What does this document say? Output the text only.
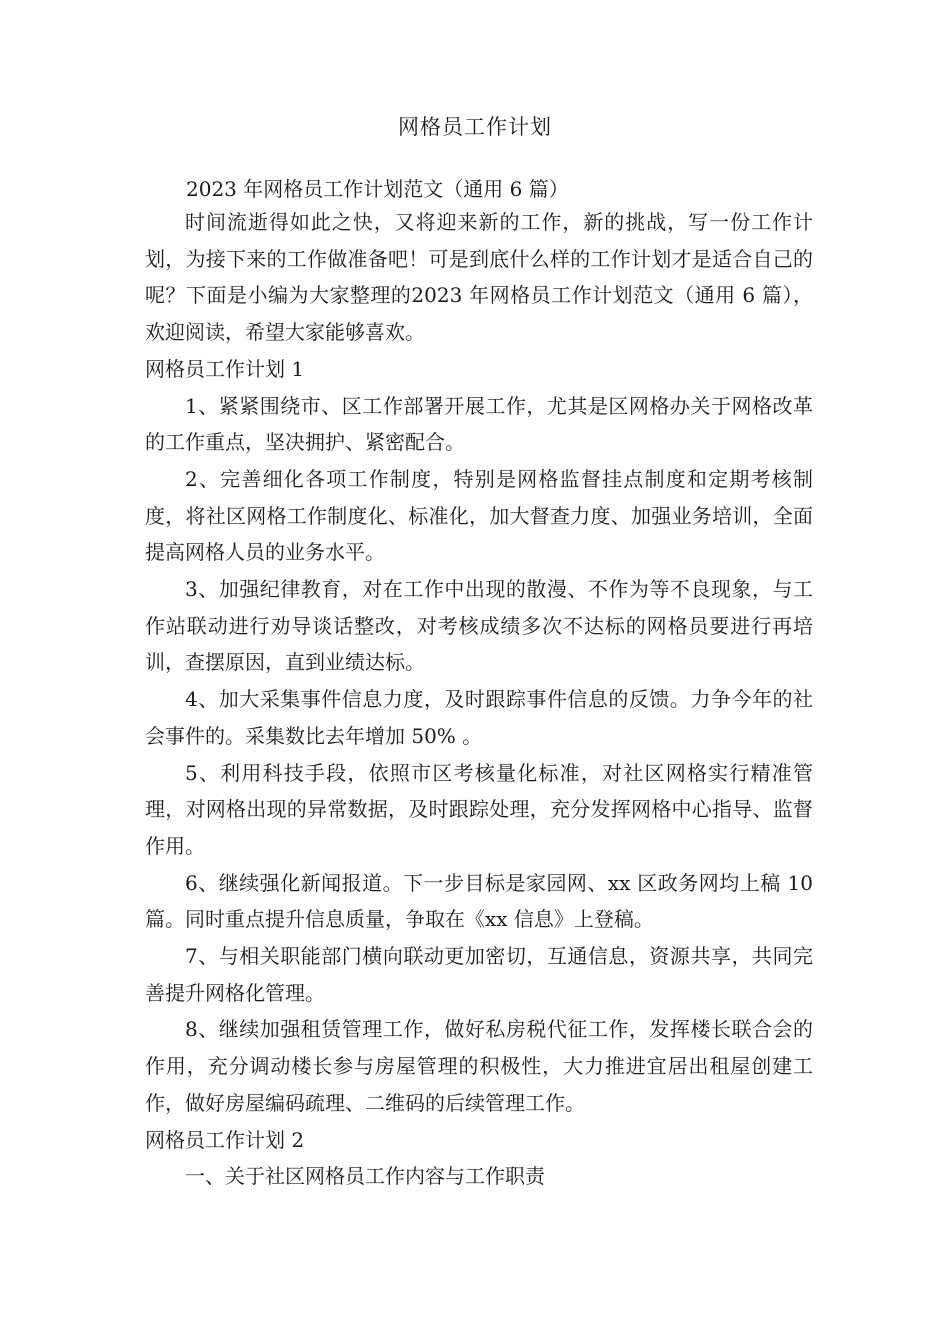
网格员工作计划
2023 年网格员工作计划范文（通用 6 篇）

时间流逝得如此之快，又将迎来新的工作，新的挑战，写一份工作计划，为接下来的工作做准备吧！可是到底什么样的工作计划才是适合自己的呢？下面是小编为大家整理的2023 年网格员工作计划范文（通用 6 篇），欢迎阅读，希望大家能够喜欢。

网格员工作计划 1

1、紧紧围绕市、区工作部署开展工作，尤其是区网格办关于网格改革的工作重点，坚决拥护、紧密配合。

2、完善细化各项工作制度，特别是网格监督挂点制度和定期考核制度，将社区网格工作制度化、标准化，加大督查力度、加强业务培训，全面提高网格人员的业务水平。

3、加强纪律教育，对在工作中出现的散漫、不作为等不良现象，与工作站联动进行劝导谈话整改，对考核成绩多次不达标的网格员要进行再培训，查摆原因，直到业绩达标。

4、加大采集事件信息力度，及时跟踪事件信息的反馈。力争今年的社会事件的。采集数比去年增加 50% 。

5、利用科技手段，依照市区考核量化标准，对社区网格实行精准管理，对网格出现的异常数据，及时跟踪处理，充分发挥网格中心指导、监督作用。

6、继续强化新闻报道。下一步目标是家园网、xx 区政务网均上稿 10 篇。同时重点提升信息质量，争取在《xx 信息》上登稿。

7、与相关职能部门横向联动更加密切，互通信息，资源共享，共同完善提升网格化管理。

8、继续加强租赁管理工作，做好私房税代征工作，发挥楼长联合会的作用，充分调动楼长参与房屋管理的积极性，大力推进宜居出租屋创建工作，做好房屋编码疏理、二维码的后续管理工作。

网格员工作计划 2

一、关于社区网格员工作内容与工作职责
